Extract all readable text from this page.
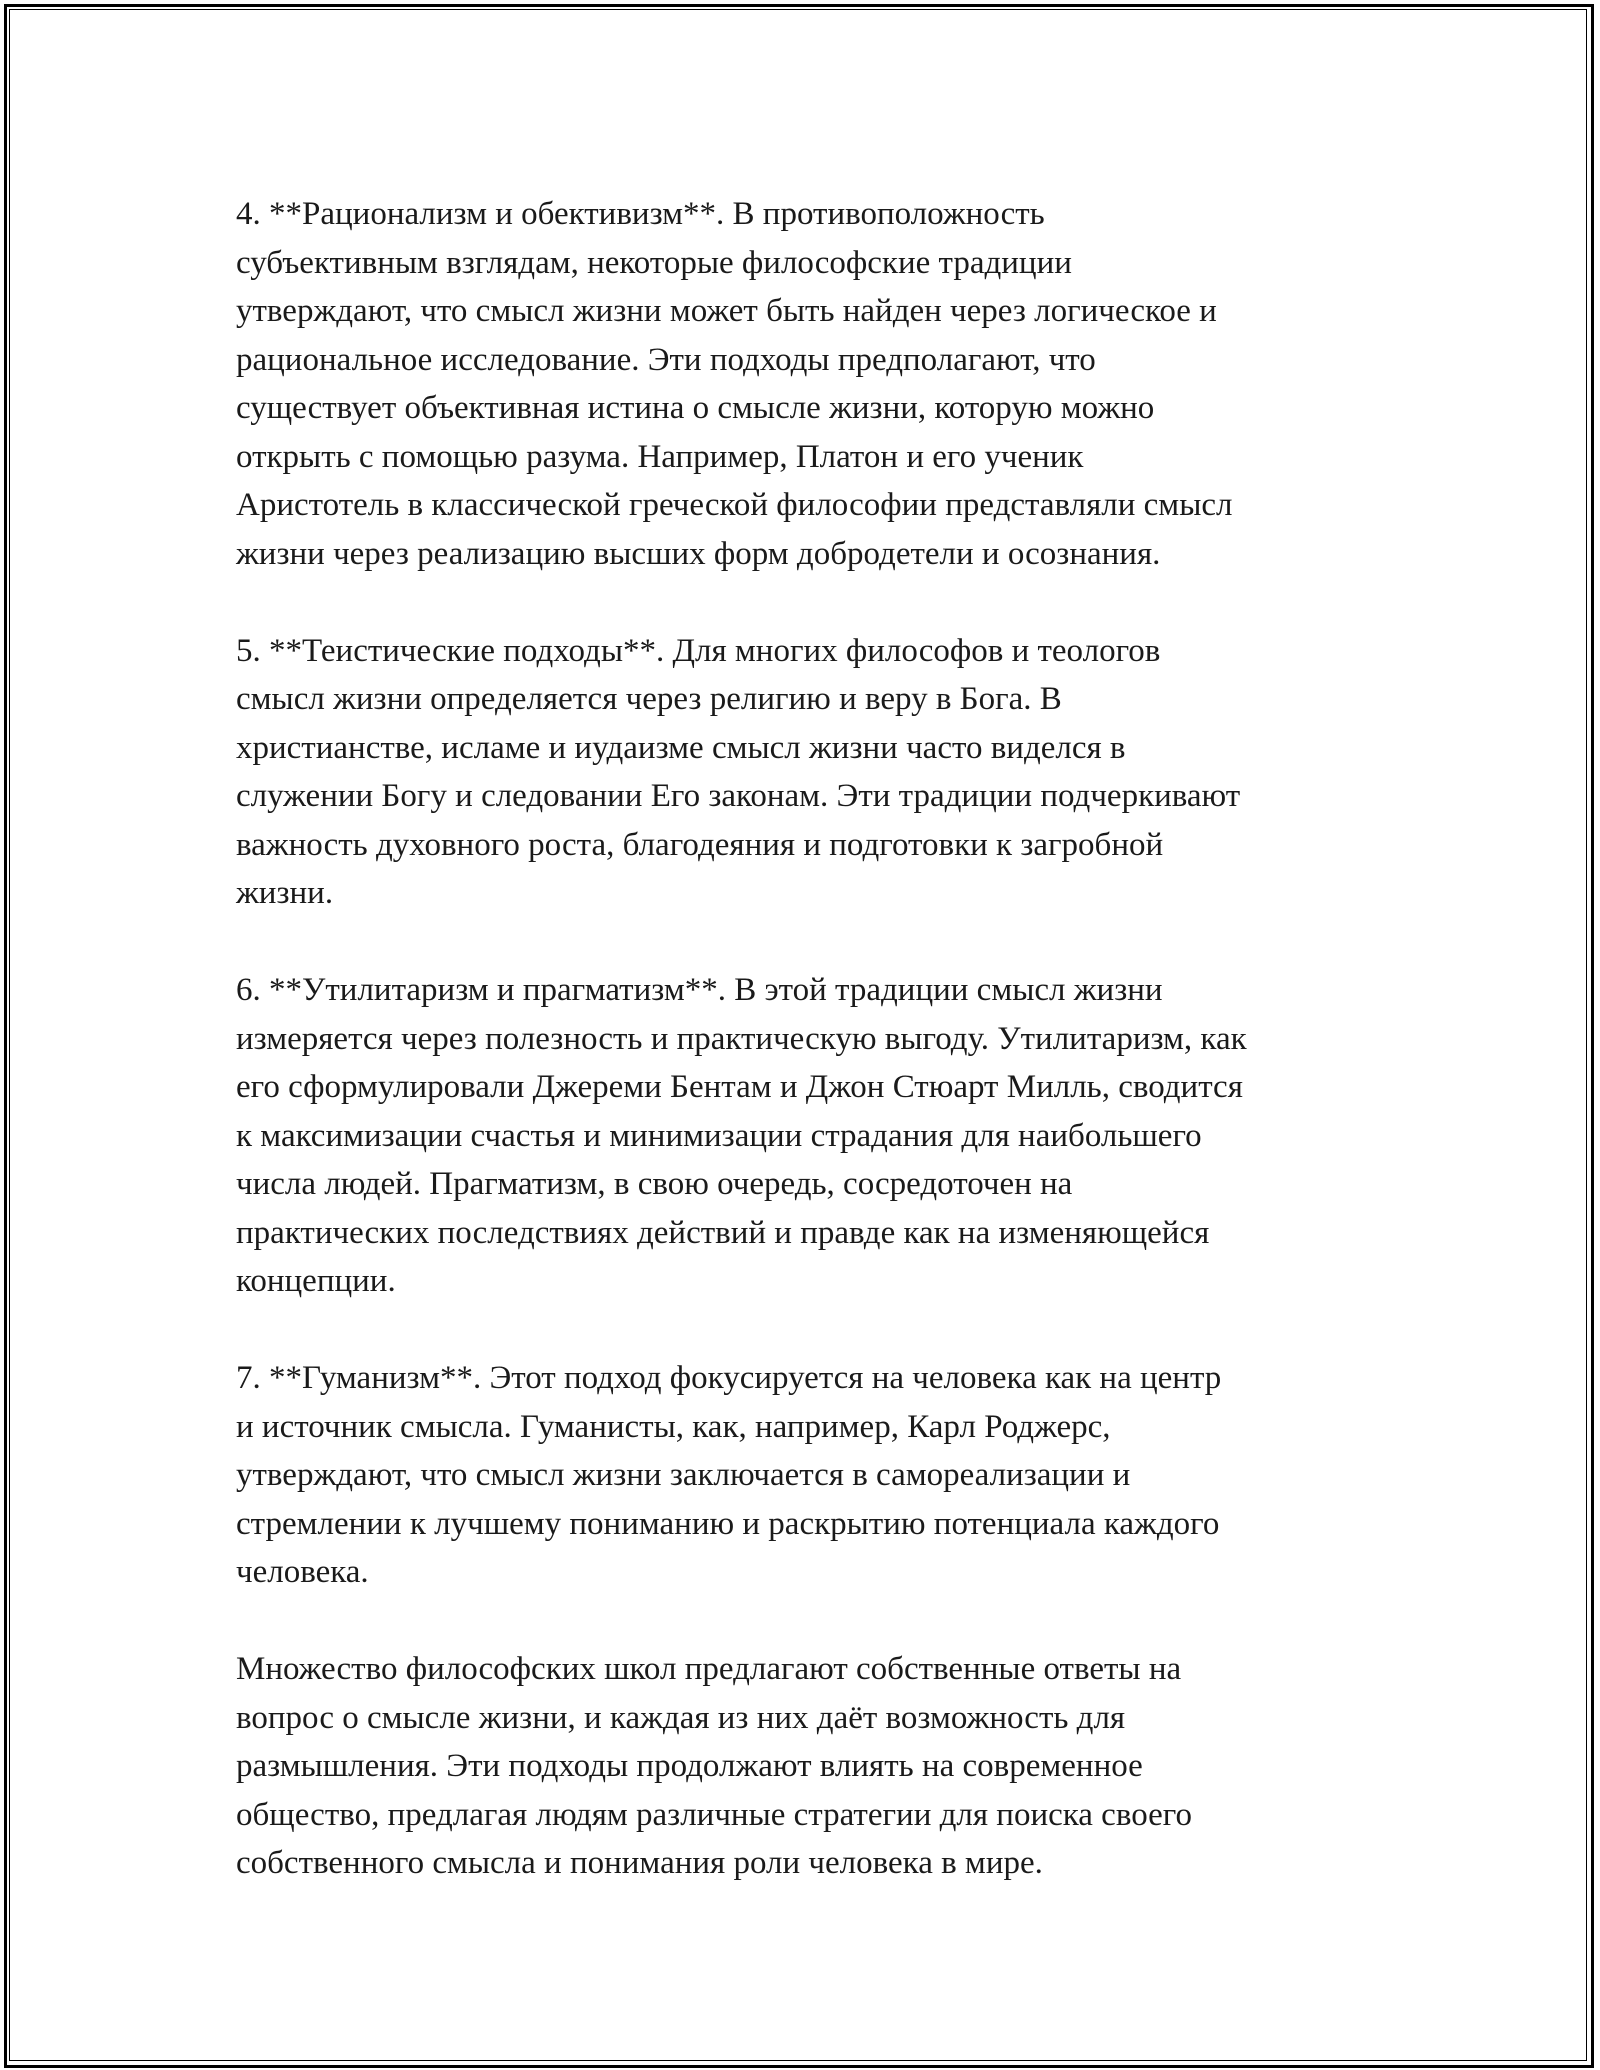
4. **Рационализм и обективизм**. В противоположность
субъективным взглядам, некоторые философские традиции
утверждают, что смысл жизни может быть найден через логическое и
рациональное исследование. Эти подходы предполагают, что
существует объективная истина о смысле жизни, которую можно
открыть с помощью разума. Например, Платон и его ученик
Аристотель в классической греческой философии представляли смысл
жизни через реализацию высших форм добродетели и осознания.

5. **Теистические подходы**. Для многих философов и теологов
смысл жизни определяется через религию и веру в Бога. В
христианстве, исламе и иудаизме смысл жизни часто виделся в
служении Богу и следовании Его законам. Эти традиции подчеркивают
важность духовного роста, благодеяния и подготовки к загробной
жизни.

6. **Утилитаризм и прагматизм**. В этой традиции смысл жизни
измеряется через полезность и практическую выгоду. Утилитаризм, как
его сформулировали Джереми Бентам и Джон Стюарт Милль, сводится
к максимизации счастья и минимизации страдания для наибольшего
числа людей. Прагматизм, в свою очередь, сосредоточен на
практических последствиях действий и правде как на изменяющейся
концепции.

7. **Гуманизм**. Этот подход фокусируется на человека как на центр
и источник смысла. Гуманисты, как, например, Карл Роджерс,
утверждают, что смысл жизни заключается в самореализации и
стремлении к лучшему пониманию и раскрытию потенциала каждого
человека.

Множество философских школ предлагают собственные ответы на
вопрос о смысле жизни, и каждая из них даёт возможность для
размышления. Эти подходы продолжают влиять на современное
общество, предлагая людям различные стратегии для поиска своего
собственного смысла и понимания роли человека в мире.
